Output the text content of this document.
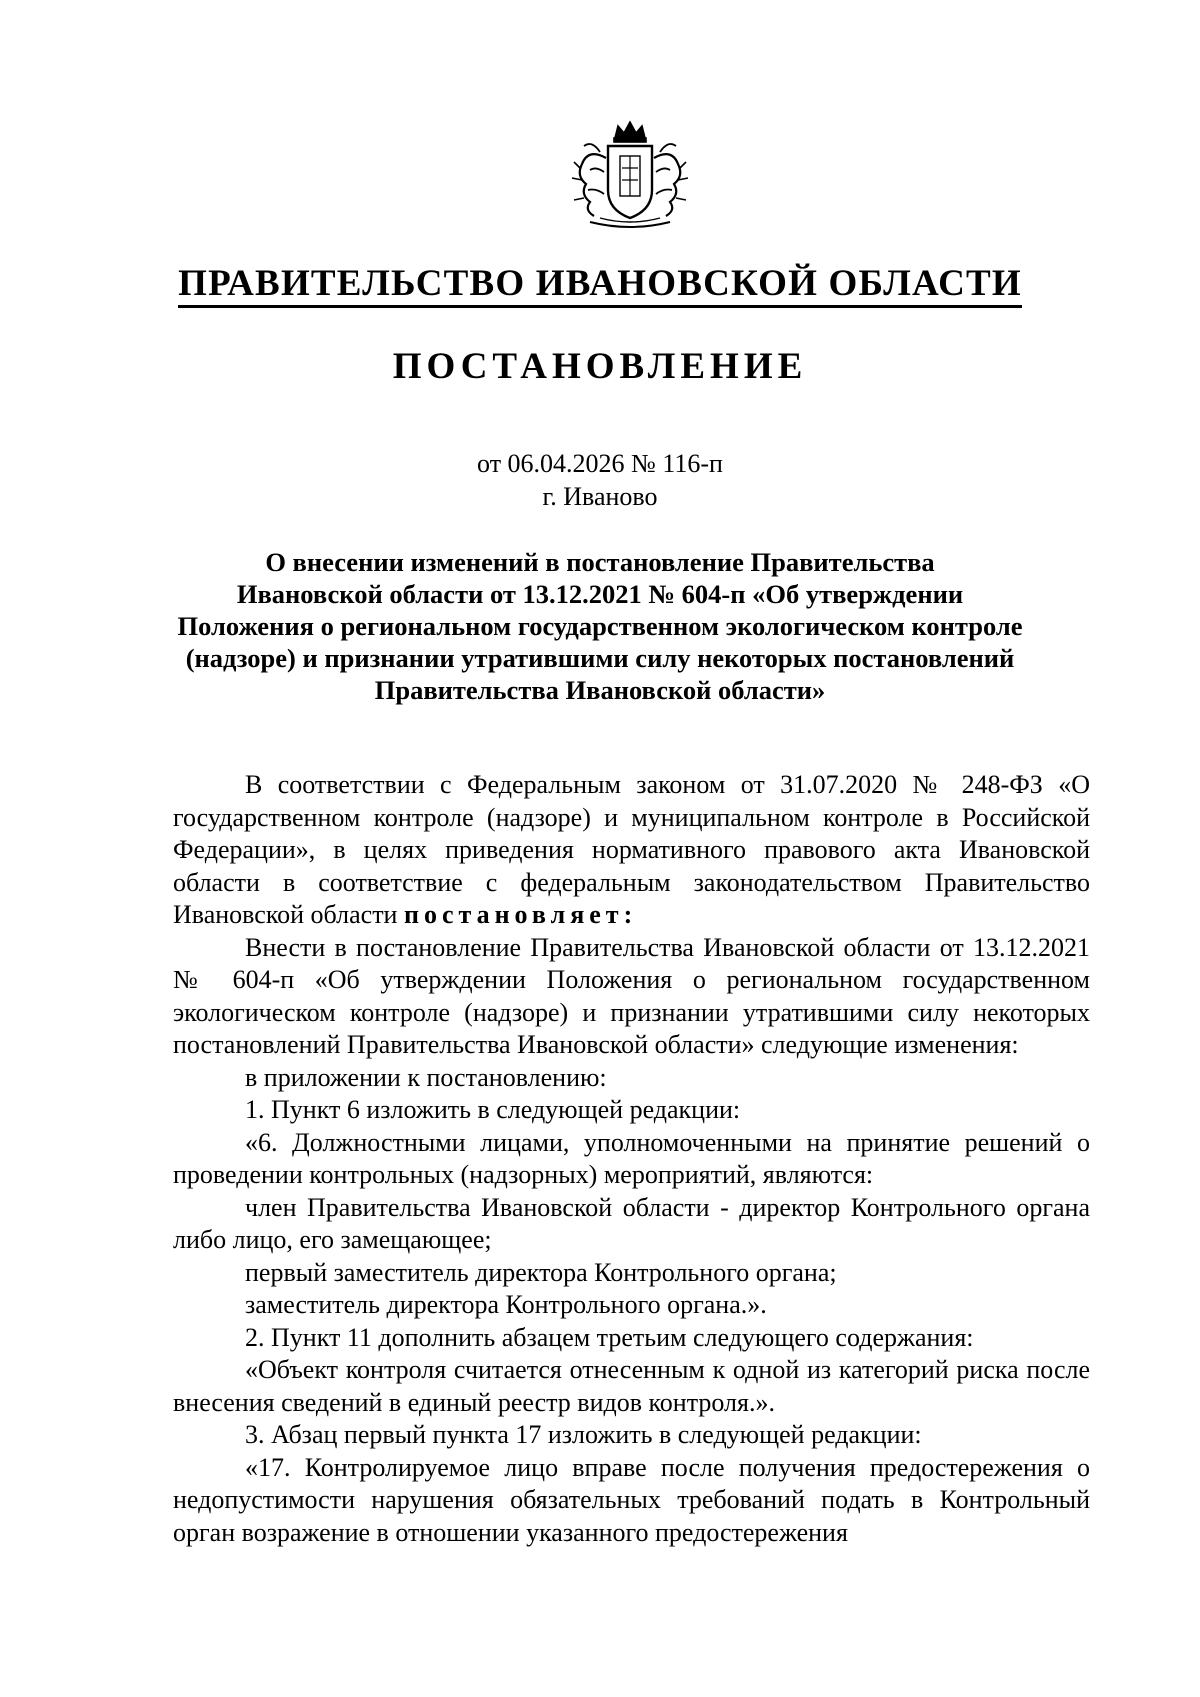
ПРАВИТЕЛЬСТВО ИВАНОВСКОЙ ОБЛАСТИ
ПОСТАНОВЛЕНИЕ
от 06.04.2026 № 116-п
г. Иваново
О внесении изменений в постановление Правительства
Ивановской области от 13.12.2021 № 604-п «Об утверждении
Положения о региональном государственном экологическом контроле
(надзоре) и признании утратившими силу некоторых постановлений
Правительства Ивановской области»

В соответствии с Федеральным законом от 31.07.2020 № 248-ФЗ «О государственном контроле (надзоре) и муниципальном контроле в Российской Федерации», в целях приведения нормативного правового акта Ивановской области в соответствие с федеральным законодательством Правительство Ивановской области постановляет:

Внести в постановление Правительства Ивановской области от 13.12.2021 № 604-п «Об утверждении Положения о региональном государственном экологическом контроле (надзоре) и признании утратившими силу некоторых постановлений Правительства Ивановской области» следующие изменения:

в приложении к постановлению:

1. Пункт 6 изложить в следующей редакции:

«6. Должностными лицами, уполномоченными на принятие решений о проведении контрольных (надзорных) мероприятий, являются:

член Правительства Ивановской области - директор Контрольного органа либо лицо, его замещающее;

первый заместитель директора Контрольного органа;

заместитель директора Контрольного органа.».

2. Пункт 11 дополнить абзацем третьим следующего содержания:

«Объект контроля считается отнесенным к одной из категорий риска после внесения сведений в единый реестр видов контроля.».

3. Абзац первый пункта 17 изложить в следующей редакции:

«17. Контролируемое лицо вправе после получения предостережения о недопустимости нарушения обязательных требований подать в Контрольный орган возражение в отношении указанного предостережения
